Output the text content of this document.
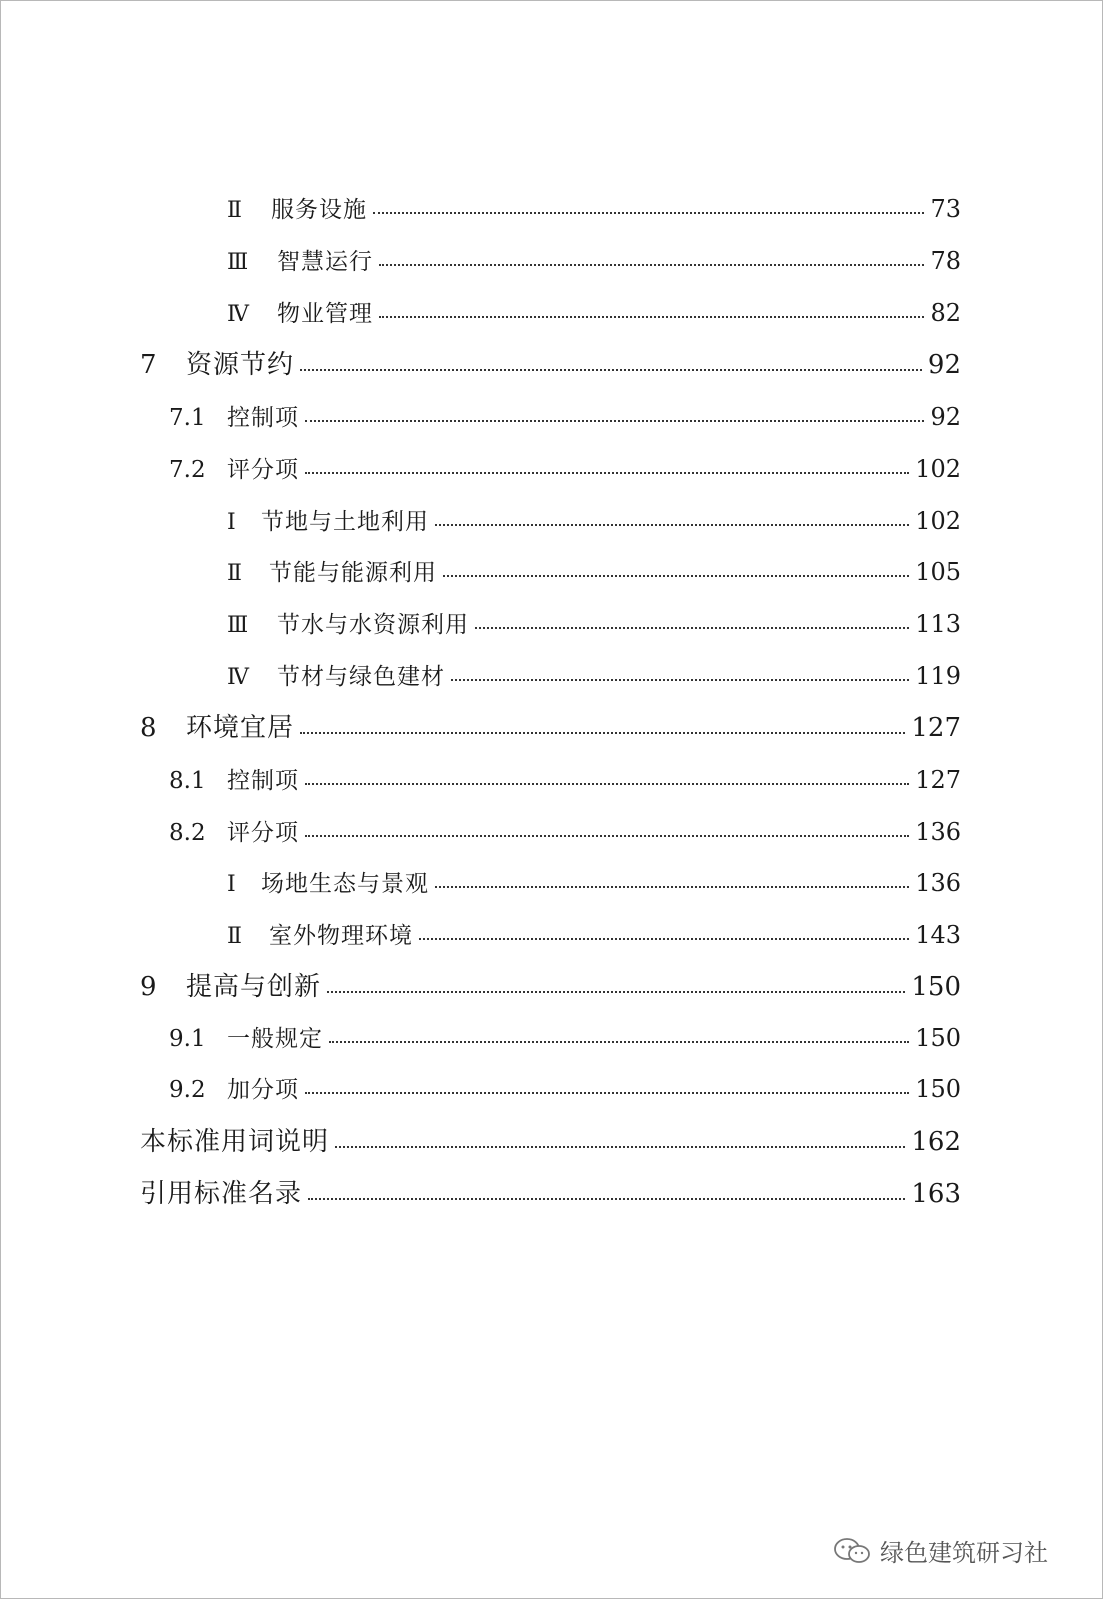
Ⅱ	服务设施	73
Ⅲ	智慧运行	78
Ⅳ	物业管理	82
7	资源节约	92
7.1 控制项	92
7.2 评分项	102
Ⅰ	节地与土地利用	102
Ⅱ	节能与能源利用	105
Ⅲ	节水与水资源利用	113
Ⅳ	节材与绿色建材	119
8	环境宜居	127
8.1 控制项	127
8.2 评分项	136
Ⅰ	场地生态与景观	136
Ⅱ	室外物理环境	143
9	提高与创新	150
9.1 一般规定	150
9.2 加分项	150
本标准用词说明	162
引用标准名录	163
绿色建筑研习社
